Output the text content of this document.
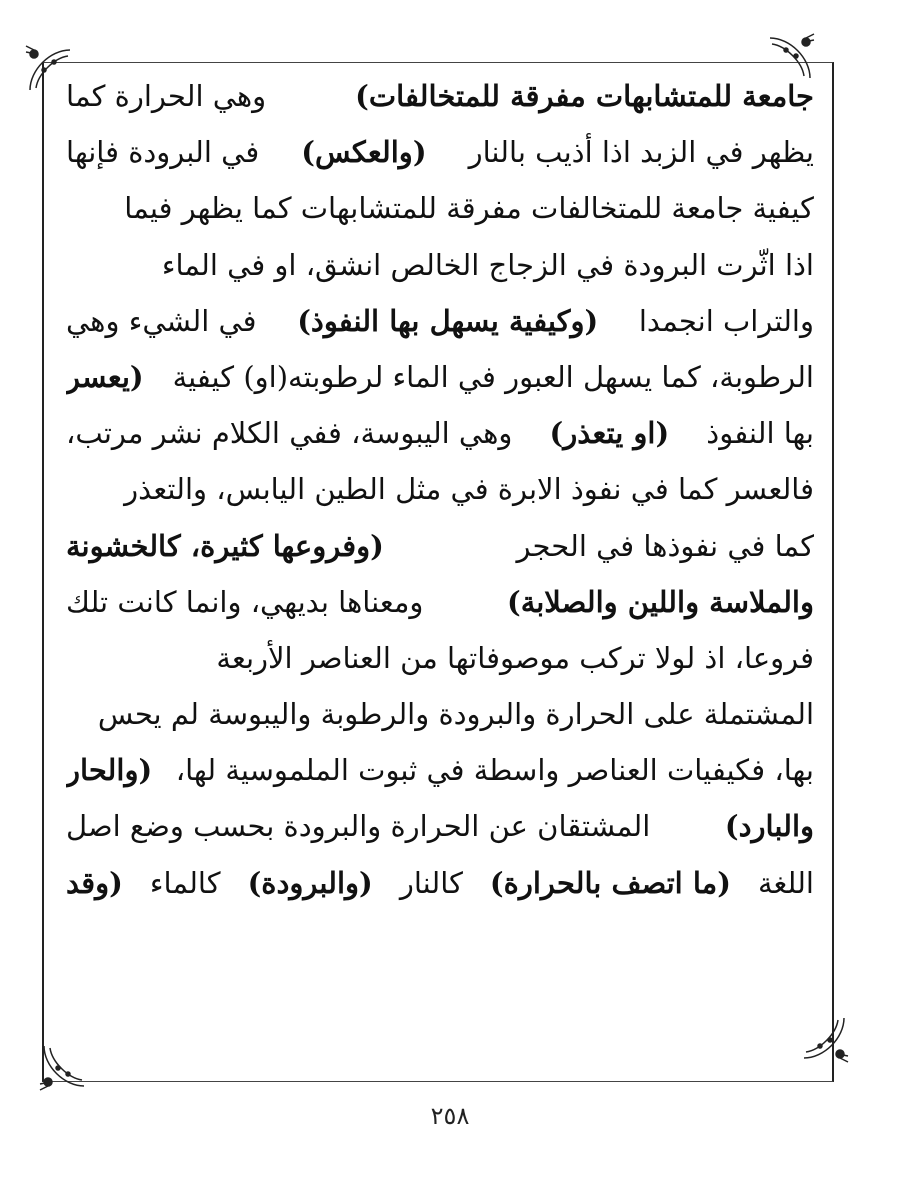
جامعة للمتشابهات مفرقة للمتخالفات)
وهي الحرارة كما
يظهر في الزبد اذا أذيب بالنار
(والعكس)
في البرودة فإنها
كيفية جامعة للمتخالفات مفرقة للمتشابهات كما يظهر فيما
اذا اثّرت البرودة في الزجاج الخالص انشق، او في الماء
والتراب انجمدا
(وكيفية يسهل بها النفوذ)
في الشيء وهي
الرطوبة، كما يسهل العبور في الماء لرطوبته(او) كيفية
(يعسر
بها النفوذ
(او يتعذر)
وهي اليبوسة، ففي الكلام نشر مرتب،
فالعسر كما في نفوذ الابرة في مثل الطين اليابس، والتعذر
كما في نفوذها في الحجر
(وفروعها كثيرة، كالخشونة
والملاسة واللين والصلابة)
ومعناها بديهي، وانما كانت تلك
فروعا، اذ لولا تركب موصوفاتها من العناصر الأربعة
المشتملة على الحرارة والبرودة والرطوبة واليبوسة لم يحس
بها، فكيفيات العناصر واسطة في ثبوت الملموسية لها،
(والحار
والبارد)
المشتقان عن الحرارة والبرودة بحسب وضع اصل
اللغة
(ما اتصف بالحرارة)
كالنار
(والبرودة)
كالماء
(وقد
٢٥٨
